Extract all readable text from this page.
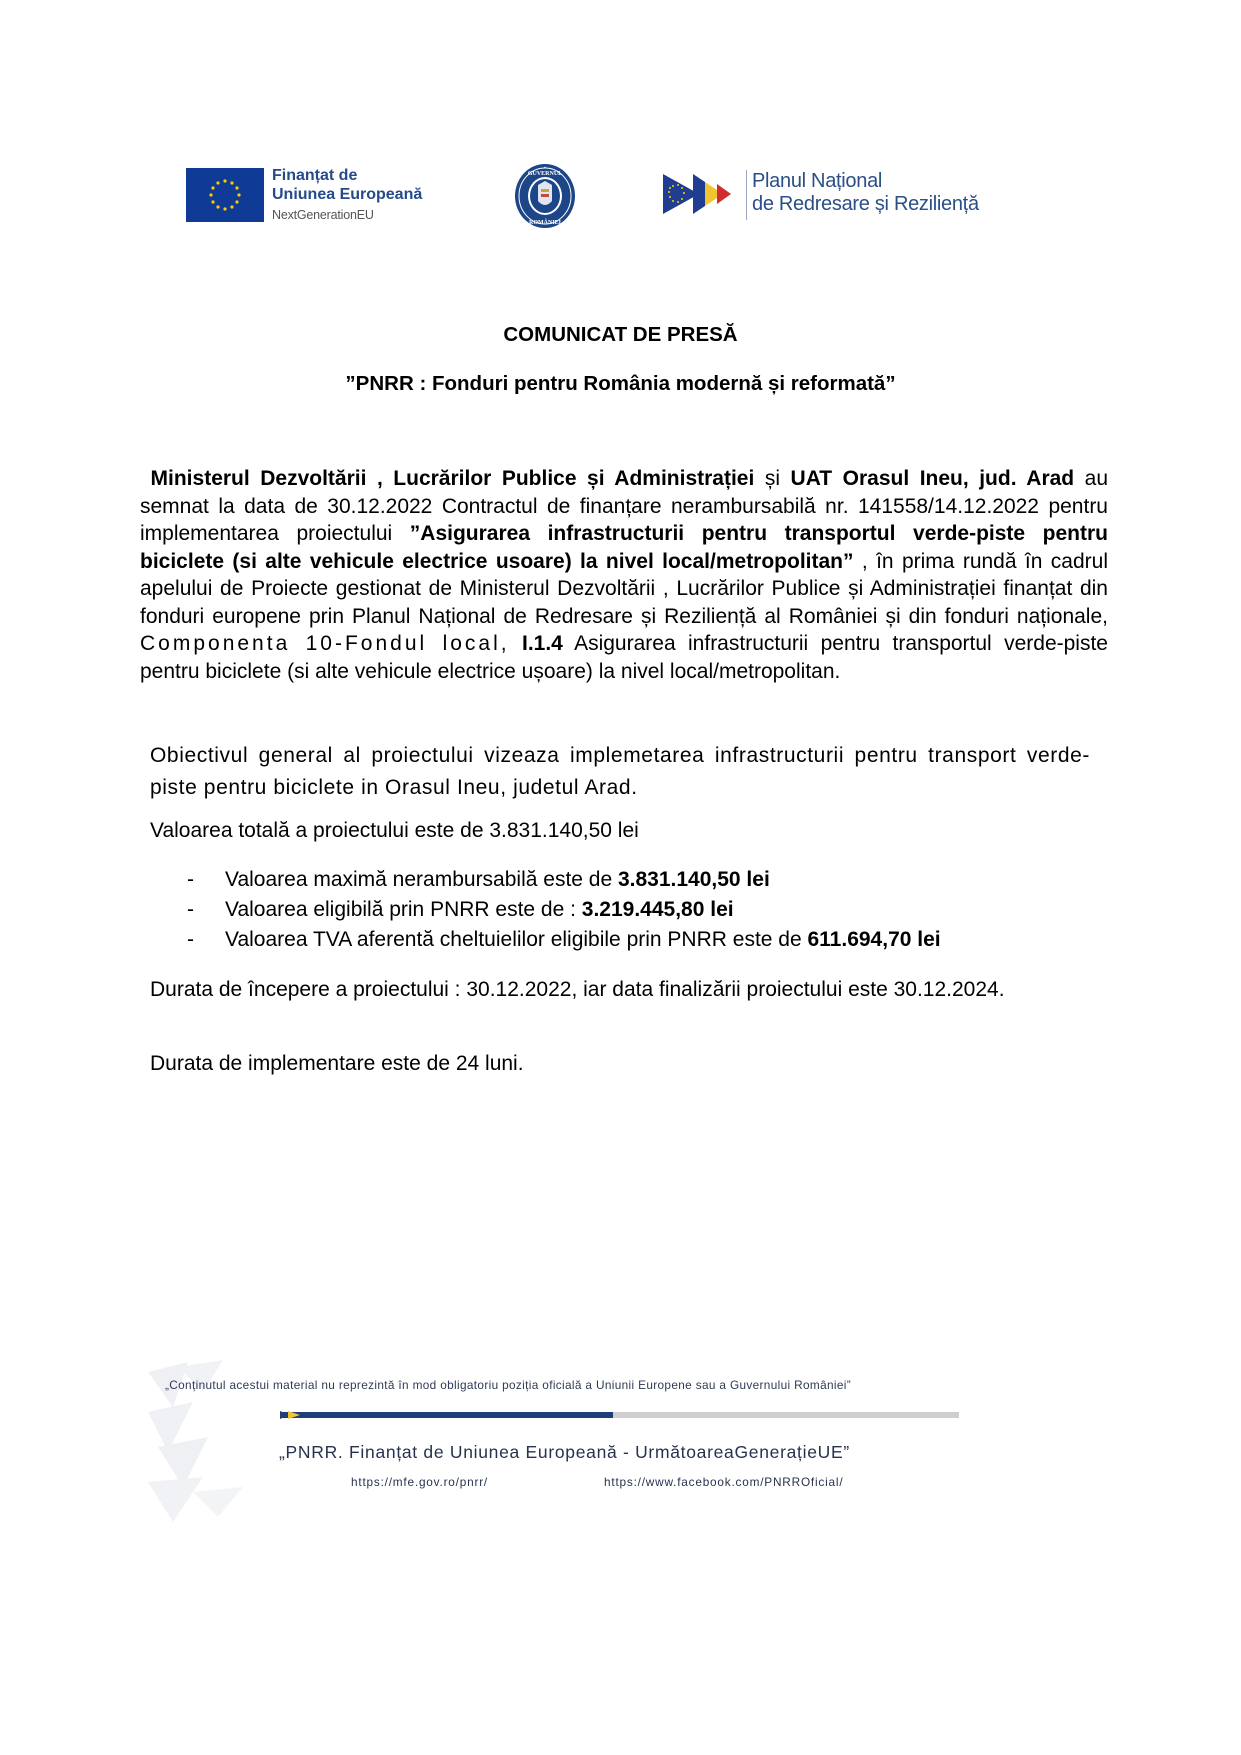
Finanțat de
Uniunea Europeană
NextGenerationEU
GUVERNUL
ROMÂNIEI
Planul Național
de Redresare și Reziliență
COMUNICAT DE PRESĂ
”PNRR : Fonduri pentru România modernă și reformată”
Ministerul Dezvoltării , Lucrărilor Publice și Administrației și UAT Orasul Ineu, jud. Arad au semnat la data de 30.12.2022 Contractul de finanțare nerambursabilă nr. 141558/14.12.2022 pentru implementarea proiectului ”Asigurarea infrastructurii pentru transportul verde-piste pentru biciclete (si alte vehicule electrice usoare) la nivel local/metropolitan” , în prima rundă în cadrul apelului de Proiecte gestionat de Ministerul Dezvoltării , Lucrărilor Publice și Administrației finanțat din fonduri europene prin Planul Național de Redresare și Reziliență al României și din fonduri naționale, Componenta 10-Fondul local, I.1.4 Asigurarea infrastructurii pentru transportul verde-piste pentru biciclete (si alte vehicule electrice ușoare) la nivel local/metropolitan.
Obiectivul general al proiectului vizeaza implemetarea infrastructurii pentru transport verde-piste pentru biciclete in Orasul Ineu, judetul Arad.
Valoarea totală a proiectului este de 3.831.140,50 lei
- Valoarea maximă nerambursabilă este de 3.831.140,50 lei
- Valoarea eligibilă prin PNRR este de : 3.219.445,80 lei
- Valoarea TVA aferentă cheltuielilor eligibile prin PNRR este de 611.694,70 lei
Durata de începere a proiectului : 30.12.2022, iar data finalizării proiectului este 30.12.2024.
Durata de implementare este de 24 luni.
„Conținutul acestui material nu reprezintă în mod obligatoriu poziția oficială a Uniunii Europene sau a Guvernului României”
„PNRR. Finanțat de Uniunea Europeană - UrmătoareaGenerațieUE”
https://mfe.gov.ro/pnrr/	https://www.facebook.com/PNRROficial/
